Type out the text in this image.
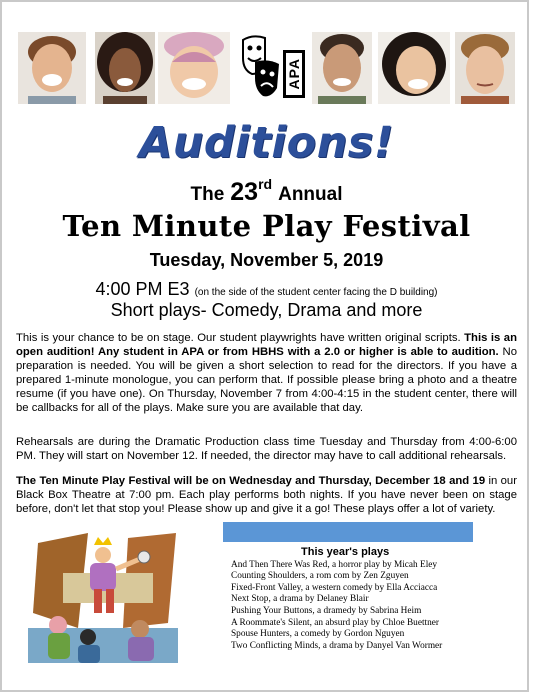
APA
Auditions!
The 23rd Annual
Ten Minute Play Festival
Tuesday, November 5, 2019
4:00 PM E3 (on the side of the student center facing the D building)
Short plays- Comedy, Drama and more

This is your chance to be on stage. Our student playwrights have written original scripts. This is an open audition! Any student in APA or from HBHS with a 2.0 or higher is able to audition. No preparation is needed. You will be given a short selection to read for the directors. If you have a prepared 1-minute monologue, you can perform that. If possible please bring a photo and a theatre resume (if you have one). On Thursday, November 7 from 4:00-4:15 in the student center, there will be callbacks for all of the plays. Make sure you are available that day.

Rehearsals are during the Dramatic Production class time Tuesday and Thursday from 4:00-6:00 PM. They will start on November 12. If needed, the director may have to call additional rehearsals.

The Ten Minute Play Festival will be on Wednesday and Thursday, December 18 and 19 in our Black Box Theatre at 7:00 pm. Each play performs both nights. If you have never been on stage before, don't let that stop you! Please show up and give it a go! These plays offer a lot of variety.

This year's plays
And Then There Was Red, a horror play by Micah Eley
Counting Shoulders, a rom com by Zen Zguyen
Fixed-Front Valley, a western comedy by Ella Acciacca
Next Stop, a drama by Delaney Blair
Pushing Your Buttons, a dramedy by Sabrina Heim
A Roommate's Silent, an absurd play by Chloe Buettner
Spouse Hunters, a comedy by Gordon Nguyen
Two Conflicting Minds, a drama by Danyel Van Wormer
